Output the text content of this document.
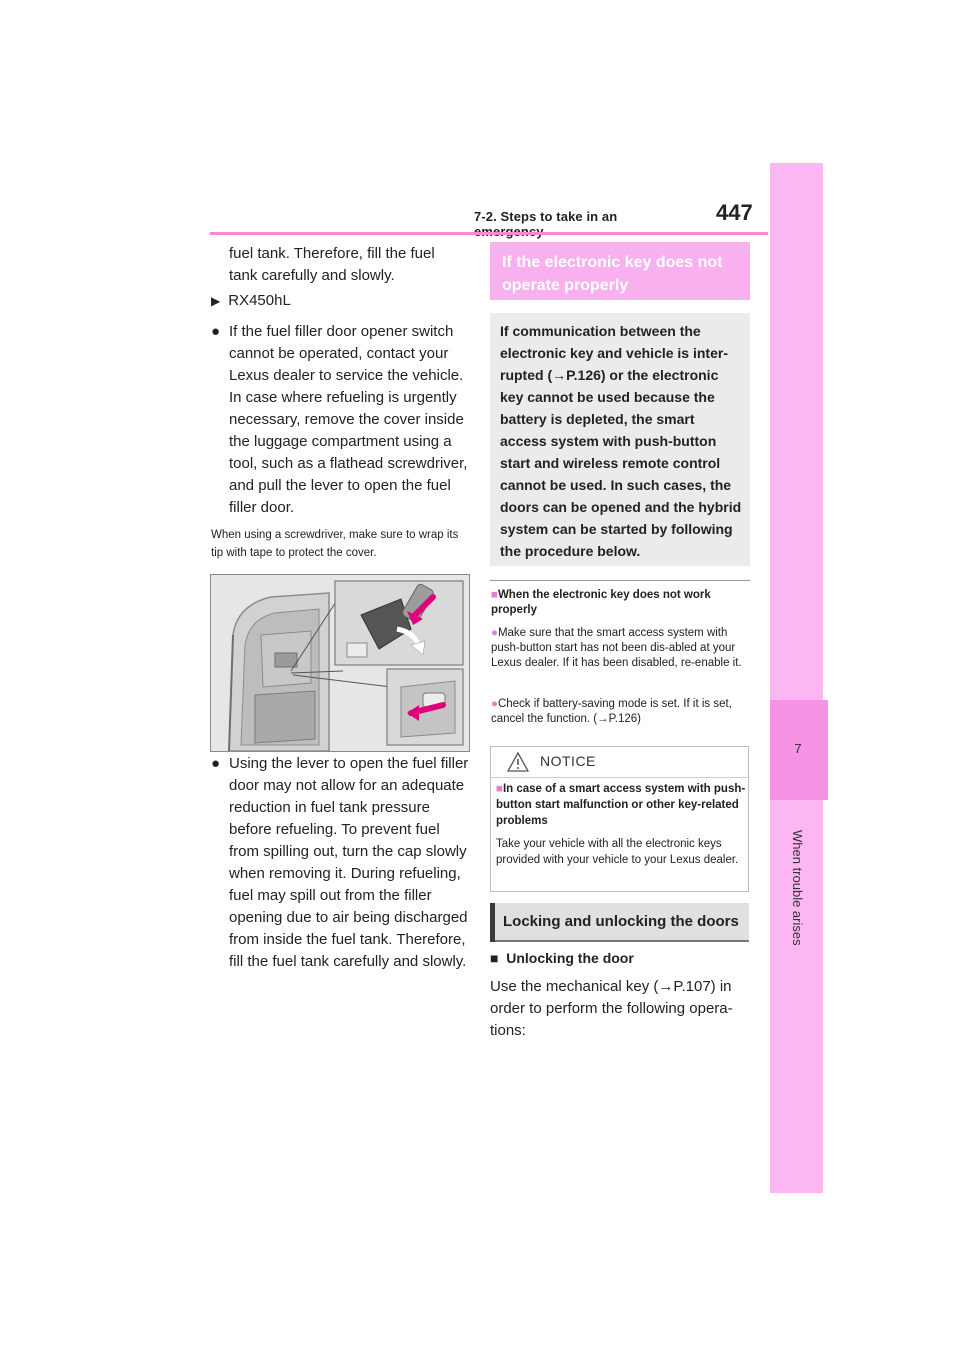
7-2. Steps to take in an	447
7
When trouble arises
fuel tank. Therefore, fill the fuel tank carefully and slowly.
▶ RX450hL
● If the fuel filler door opener switch cannot be operated, contact your Lexus dealer to service the vehicle. In case where refueling is urgently necessary, remove the cover inside the luggage compartment using a tool, such as a flathead screwdriver, and pull the lever to open the fuel filler door.
When using a screwdriver, make sure to wrap its tip with tape to protect the cover.
● Using the lever to open the fuel filler door may not allow for an adequate reduction in fuel tank pressure before refueling. To prevent fuel from spilling out, turn the cap slowly when removing it. During refueling, fuel may spill out from the filler opening due to air being discharged from inside the fuel tank. Therefore, fill the fuel tank carefully and slowly.
If the electronic key does not operate properly
If communication between the electronic key and vehicle is inter-rupted (→P.126) or the electronic key cannot be used because the battery is depleted, the smart access system with push-button start and wireless remote control cannot be used. In such cases, the doors can be opened and the hybrid system can be started by following the procedure below.
■When the electronic key does not work properly
●Make sure that the smart access system with push-button start has not been dis-abled at your Lexus dealer. If it has been disabled, re-enable it.
●Check if battery-saving mode is set. If it is set, cancel the function. (→P.126)
NOTICE
■In case of a smart access system with push-button start malfunction or other key-related problems
Take your vehicle with all the electronic keys provided with your vehicle to your Lexus dealer.
Locking and unlocking the doors
■ Unlocking the door
Use the mechanical key (→P.107) in order to perform the following opera-tions:
